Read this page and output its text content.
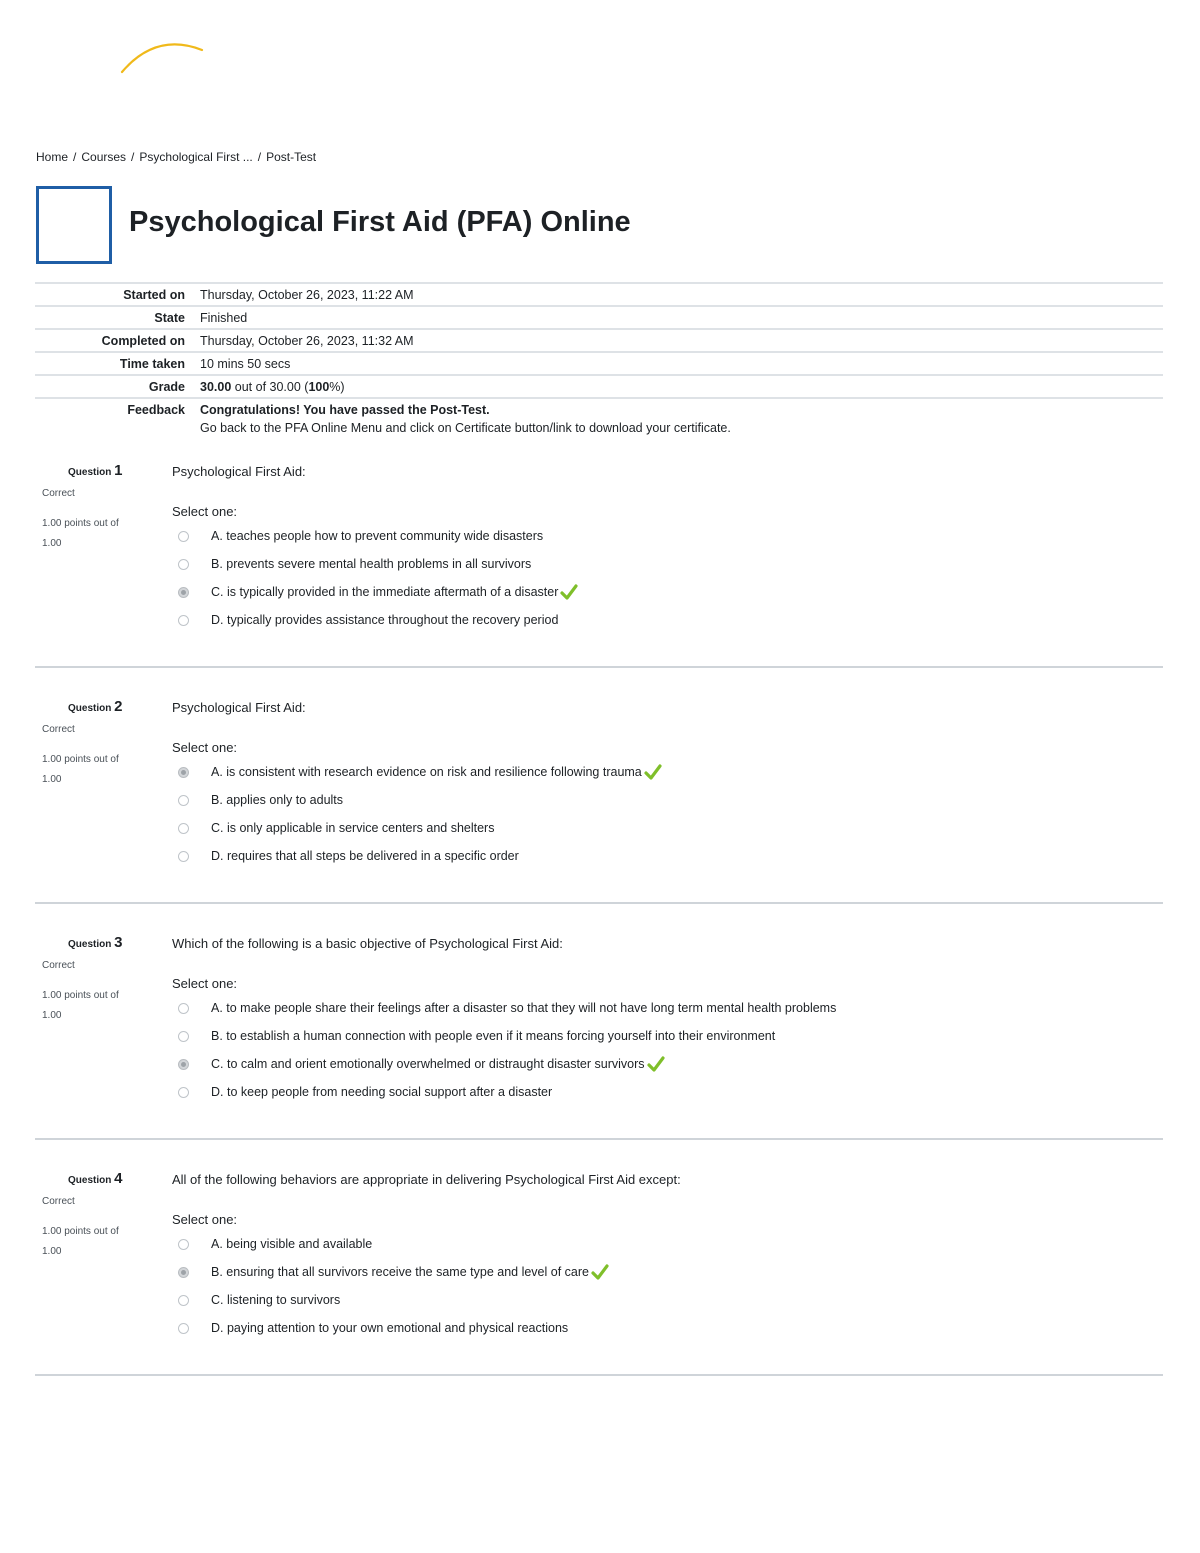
Home / Courses / Psychological First ... / Post-Test
Psychological First Aid (PFA) Online
Started on	Thursday, October 26, 2023, 11:22 AM
State	Finished
Completed on	Thursday, October 26, 2023, 11:32 AM
Time taken	10 mins 50 secs
Grade	30.00 out of 30.00 (100%)
Feedback	Congratulations! You have passed the Post-Test.
Go back to the PFA Online Menu and click on Certificate button/link to download your certificate.
Question 1
Correct
1.00 points out of 1.00
Psychological First Aid:
Select one:
A. teaches people how to prevent community wide disasters
B. prevents severe mental health problems in all survivors
C. is typically provided in the immediate aftermath of a disaster
D. typically provides assistance throughout the recovery period
Question 2
Correct
1.00 points out of 1.00
Psychological First Aid:
Select one:
A. is consistent with research evidence on risk and resilience following trauma
B. applies only to adults
C. is only applicable in service centers and shelters
D. requires that all steps be delivered in a specific order
Question 3
Correct
1.00 points out of 1.00
Which of the following is a basic objective of Psychological First Aid:
Select one:
A. to make people share their feelings after a disaster so that they will not have long term mental health problems
B. to establish a human connection with people even if it means forcing yourself into their environment
C. to calm and orient emotionally overwhelmed or distraught disaster survivors
D. to keep people from needing social support after a disaster
Question 4
Correct
1.00 points out of 1.00
All of the following behaviors are appropriate in delivering Psychological First Aid except:
Select one:
A. being visible and available
B. ensuring that all survivors receive the same type and level of care
C. listening to survivors
D. paying attention to your own emotional and physical reactions
